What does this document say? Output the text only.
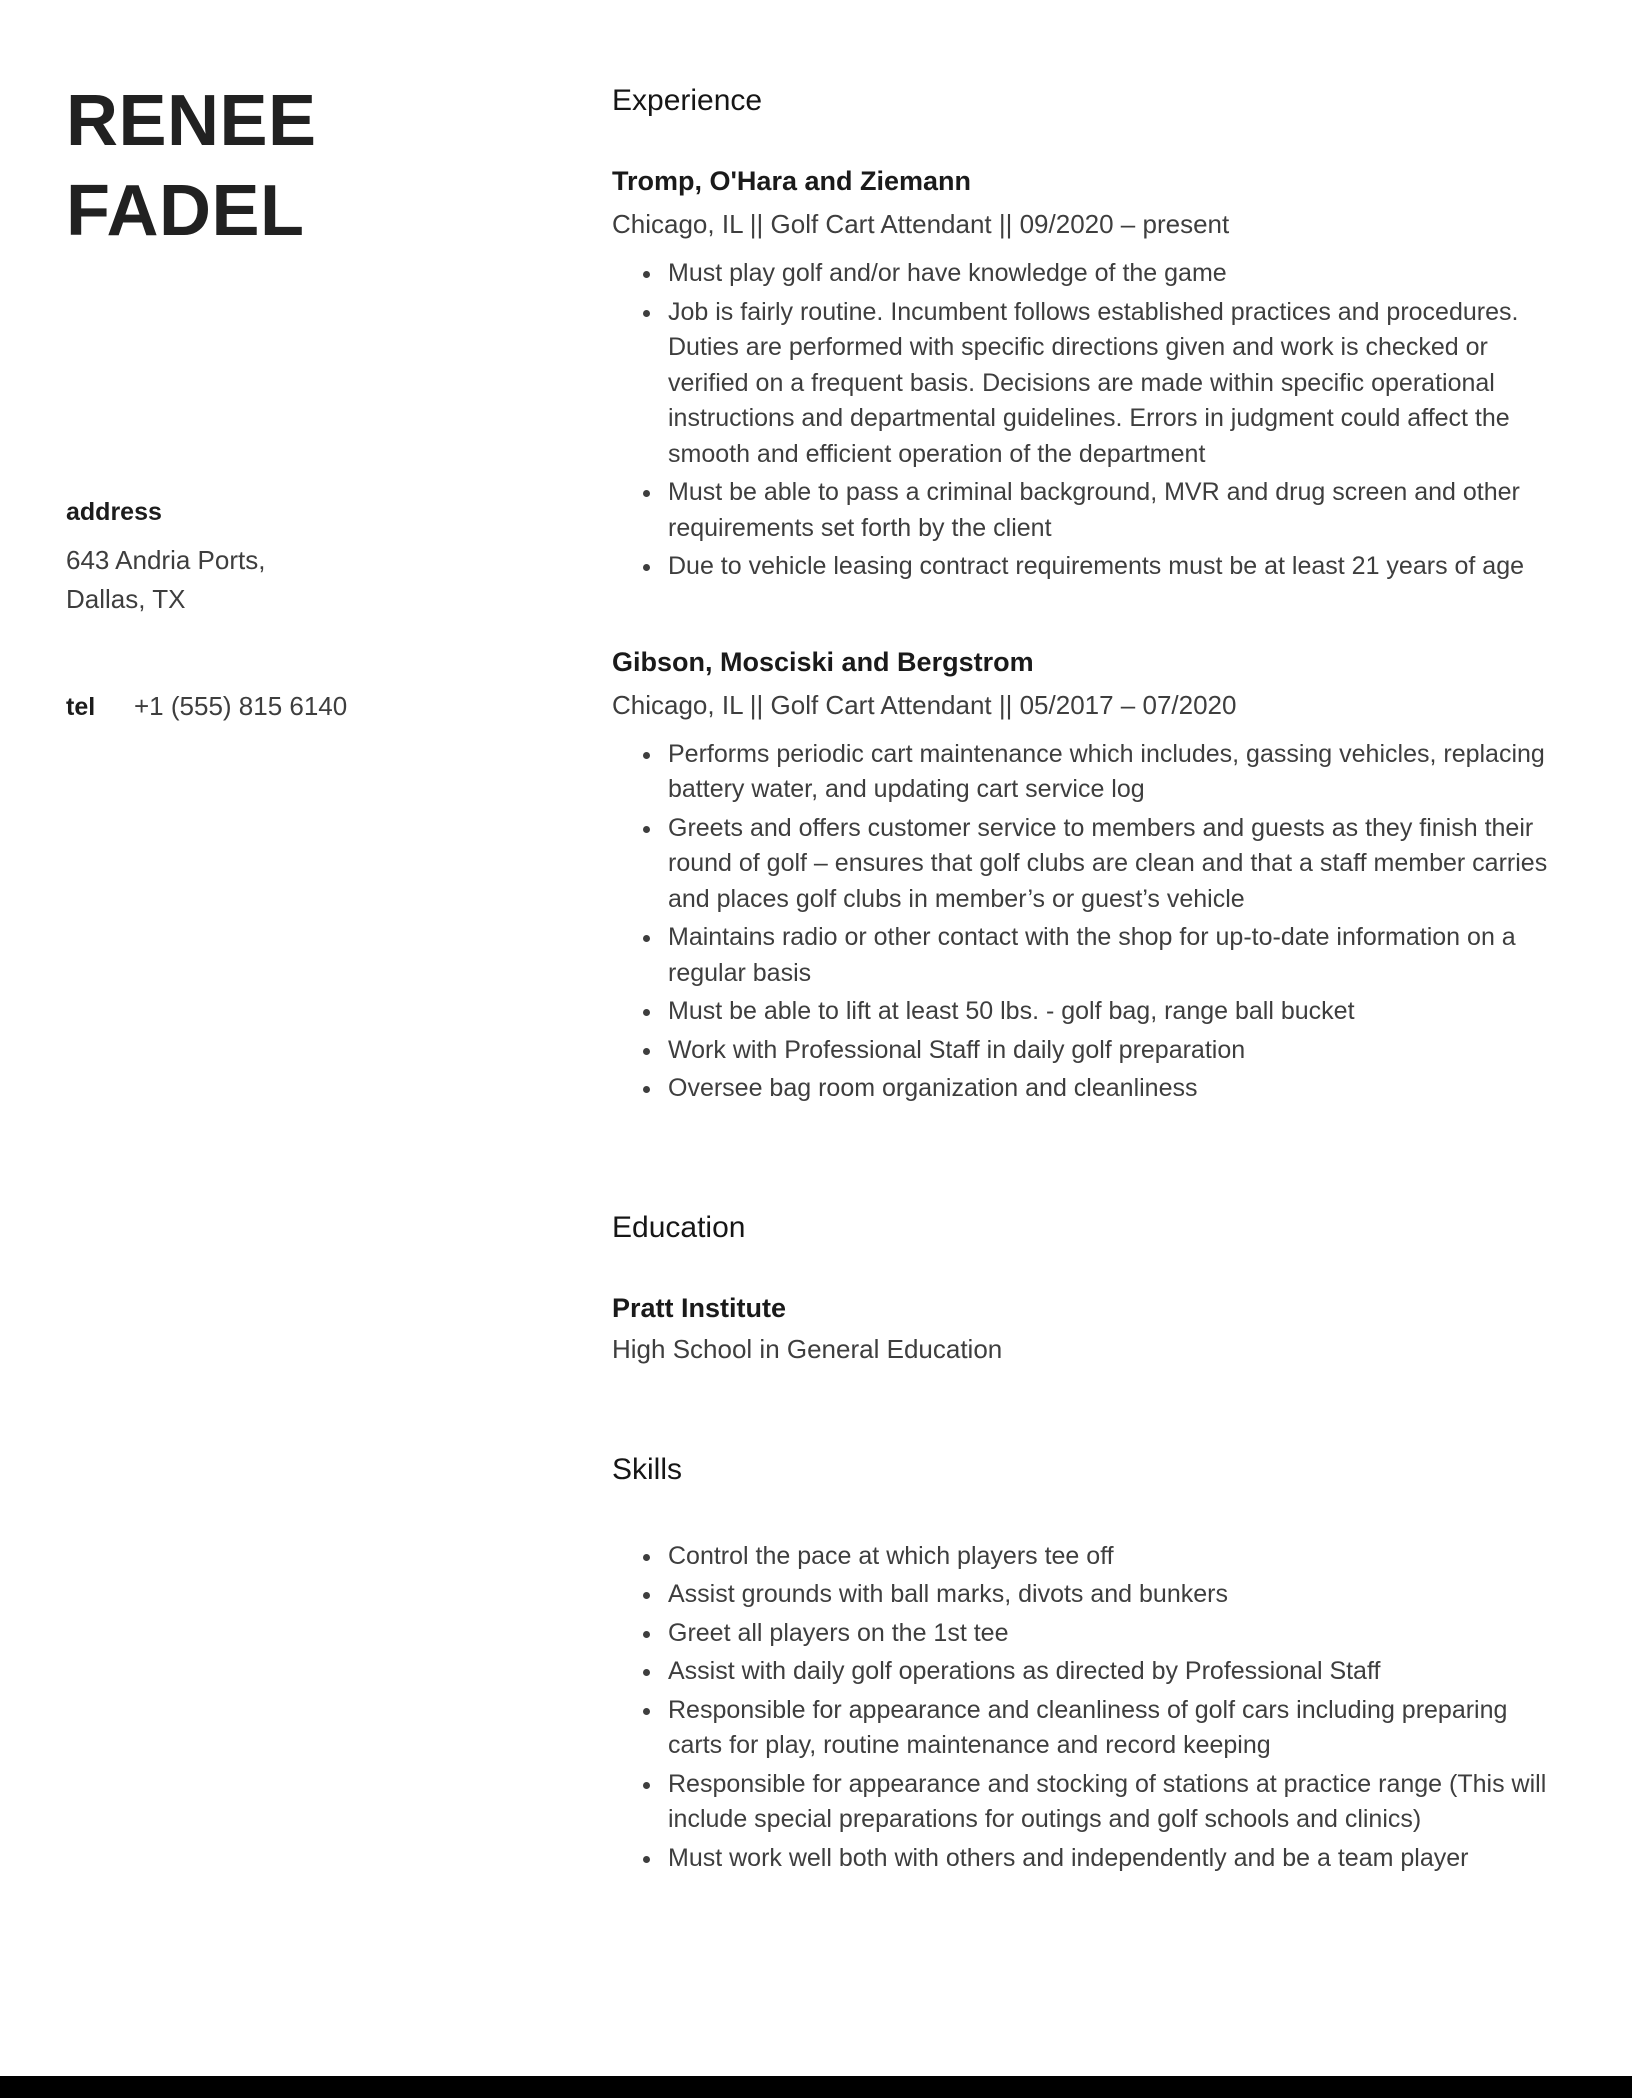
RENEE
FADEL
address
643 Andria Ports,
Dallas, TX
tel	+1 (555) 815 6140
Experience
Tromp, O'Hara and Ziemann
Chicago, IL || Golf Cart Attendant || 09/2020 – present
• Must play golf and/or have knowledge of the game
• Job is fairly routine. Incumbent follows established practices and procedures. Duties are performed with specific directions given and work is checked or verified on a frequent basis. Decisions are made within specific operational instructions and departmental guidelines. Errors in judgment could affect the smooth and efficient operation of the department
• Must be able to pass a criminal background, MVR and drug screen and other requirements set forth by the client
• Due to vehicle leasing contract requirements must be at least 21 years of age
Gibson, Mosciski and Bergstrom
Chicago, IL || Golf Cart Attendant || 05/2017 – 07/2020
• Performs periodic cart maintenance which includes, gassing vehicles, replacing battery water, and updating cart service log
• Greets and offers customer service to members and guests as they finish their round of golf – ensures that golf clubs are clean and that a staff member carries and places golf clubs in member’s or guest’s vehicle
• Maintains radio or other contact with the shop for up-to-date information on a regular basis
• Must be able to lift at least 50 lbs. - golf bag, range ball bucket
• Work with Professional Staff in daily golf preparation
• Oversee bag room organization and cleanliness
Education
Pratt Institute
High School in General Education
Skills
• Control the pace at which players tee off
• Assist grounds with ball marks, divots and bunkers
• Greet all players on the 1st tee
• Assist with daily golf operations as directed by Professional Staff
• Responsible for appearance and cleanliness of golf cars including preparing carts for play, routine maintenance and record keeping
• Responsible for appearance and stocking of stations at practice range (This will include special preparations for outings and golf schools and clinics)
• Must work well both with others and independently and be a team player
